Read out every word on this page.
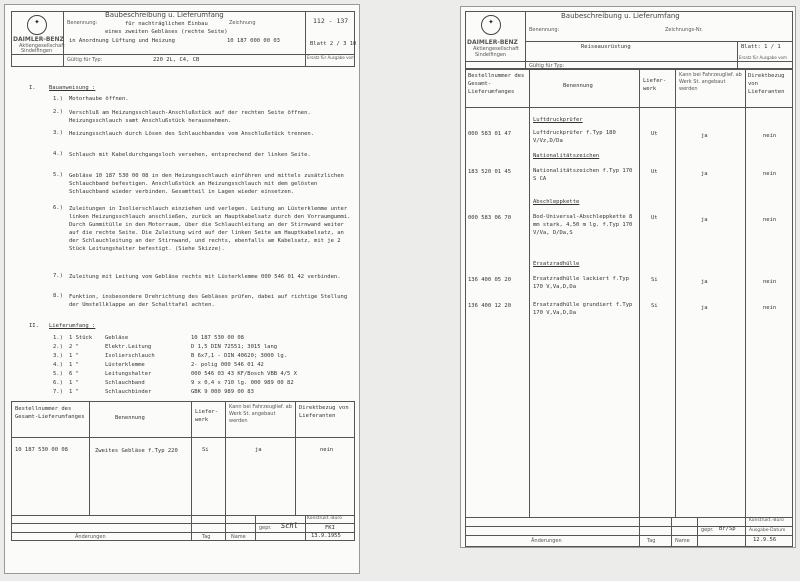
✦
DAIMLER-BENZ
Aktiengesellschaft
Sindelfingen
Baubeschreibung u. Lieferumfang
Benennung:	für nachträglichen Einbau
eines zweiten Gebläses (rechte Seite)
in Anordnung Lüftung und Heizung
Zeichnung	112 - 137
10 187 000 00 03	Blatt 2 / 3 10
Ersatz für Ausgabe vom
Gültig für Typ:	220 2L, C4, CB
I. Bauanweisung :
1.) Motorhaube öffnen.
2.) Verschluß am Heizungsschlauch-Anschlußstück auf der rechten Seite öffnen. Heizungsschlauch samt Anschlußstück herausnehmen.
3.) Heizungsschlauch durch Lösen des Schlauchbandes vom Anschlußstück trennen.
4.) Schlauch mit Kabeldurchgangsloch versehen, entsprechend der linken Seite.
5.) Gebläse 10 187 530 00 08 in den Heizungsschlauch einführen und mittels zusätzlichen Schlauchband befestigen. Anschlußstück an Heizungsschlauch mit dem gelösten Schlauchband wieder verbinden. Gesamtteil in Lagen wieder einsetzen.
6.) Zuleitungen in Isolierschlauch einziehen und verlegen. Leitung an Lüsterklemme unter linken Heizungsschlauch anschließen, zurück an Hauptkabelsatz durch den Vorraumgummi. Durch Gummitülle in den Motorraum, über die Schlauchleitung an der Stirnwand weiter auf die rechte Seite. Die Zuleitung wird auf der linken Seite am Hauptkabelsatz, an der Schlauchleitung an der Stirnwand, und rechts, ebenfalls am Kabelsatz, mit je 2 Stück Leitungshalter befestigt. (Siehe Skizze).
7.) Zuleitung mit Leitung vom Gebläse rechts mit Lüsterklemme 000 546 01 42 verbinden.
8.) Funktion, insbesondere Drehrichtung des Gebläses prüfen, dabei auf richtige Stellung der Umstellklappe an der Schalttafel achten.
II. Lieferumfang :
1.) 1 Stück Gebläse	10 187 530 00 08
2.) 2 "	Elektr.Leitung	D 1,5 DIN 72551; 3015 lang
3.) 1 "	Isolierschlauch	B 6x7,1 - DIN 40620; 3000 lg.
4.) 1 "	Lüsterklemme	2- polig 000 546 01 42
5.) 6 "	Leitungshalter	000 546 03 43 KF/Bosch VBB 4/5 X
6.) 1 "	Schlauchband	9 x 0,4 x 710 lg. 000 989 00 82
7.) 1 "	Schlauchbinder	GBK 9 000 989 00 83
Bestellnummer des Gesamt-Lieferumfanges	Benennung
Liefer-werk
Kann bei Fahrzeuglief. ab Werk St. angebaut werden
Direktbezug von Lieferanten
10 187 530 00 08	Zweites Gebläse f.Typ 220	Si	ja	nein
gepr. Schl
Konstrukt.-Büro
FKI
Änderungen	Tag	Name	13.9.1955
✦
DAIMLER-BENZ
Aktiengesellschaft
Sindelfingen
Baubeschreibung u. Lieferumfang
Benennung:	Zeichnungs-Nr.
Reiseausrüstung	Blatt: 1 / 1
Ersatz für Ausgabe vom
Gültig für Typ:
Bestellnummer des Gesamt-Lieferumfanges
Benennung
Liefer-werk
Kann bei Fahrzeuglief. ab Werk St. angebaut werden
Direktbezug von Lieferanten
Luftdruckprüfer
000 583 01 47	Luftdruckprüfer f.Typ 180 V/Vz,D/Da
Ut	ja	nein
Nationalitätszeichen
183 520 01 45	Nationalitätszeichen f.Typ 170 S CA
Ut	ja	nein
Abschleppkette
000 583 06 70	Bod-Universal-Abschleppkette 8 mm stark, 4,50 m lg. f.Typ 170 V/Va, D/Da,S
Ut	ja	nein
Ersatzradhülle
136 400 05 20	Ersatzradhülle lackiert f.Typ 170 V,Va,D,Da
Si	ja	nein
136 400 12 20	Ersatzradhülle grundiert f.Typ 170 V,Va,D,Da
Si	ja	nein
gepr. Br/Sp
Konstrukt.-Büro
Ausgabe-Datum
Änderungen	Tag	Name	12.9.56
